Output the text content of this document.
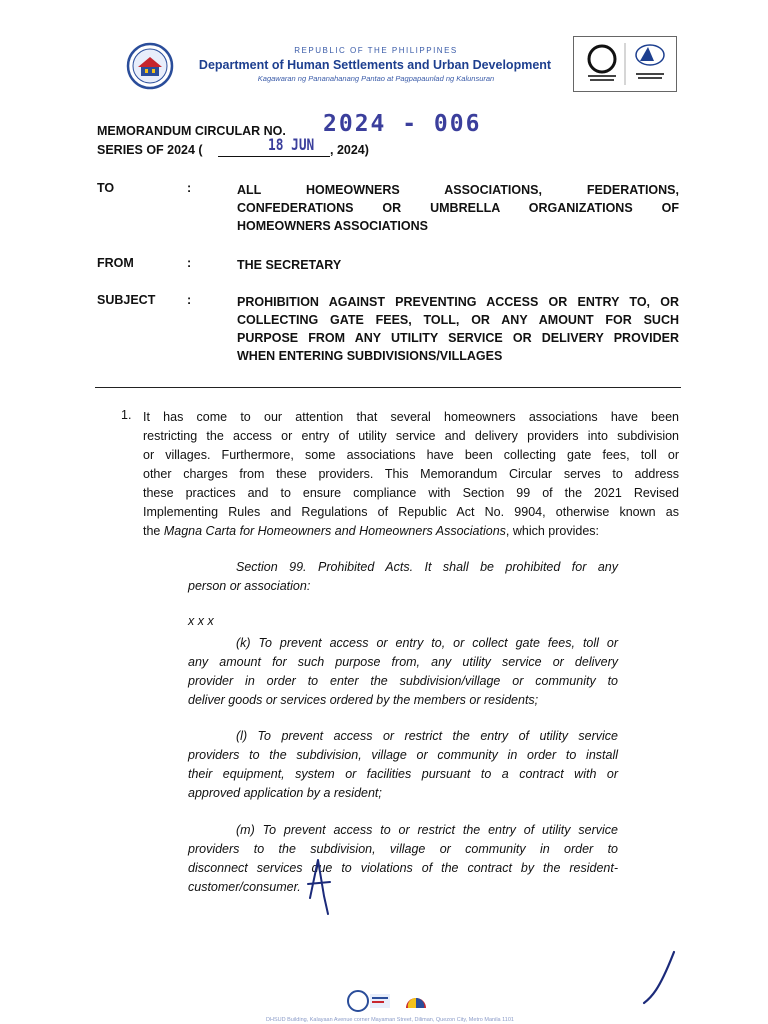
REPUBLIC OF THE PHILIPPINES
Department of Human Settlements and Urban Development
Kagawaran ng Pananahanang Pantao at Pagpapaunlad ng Kalunsuran
MEMORANDUM CIRCULAR NO. 2024 - 006
SERIES OF 2024 (	18 JUN , 2024)
TO	:	ALL HOMEOWNERS ASSOCIATIONS, FEDERATIONS,
CONFEDERATIONS OR UMBRELLA ORGANIZATIONS OF
HOMEOWNERS ASSOCIATIONS
FROM	:	THE SECRETARY
SUBJECT	:	PROHIBITION AGAINST PREVENTING ACCESS OR ENTRY TO, OR
COLLECTING GATE FEES, TOLL, OR ANY AMOUNT FOR SUCH
PURPOSE FROM ANY UTILITY SERVICE OR DELIVERY PROVIDER
WHEN ENTERING SUBDIVISIONS/VILLAGES
1. It has come to our attention that several homeowners associations have been
restricting the access or entry of utility service and delivery providers into subdivision
or villages. Furthermore, some associations have been collecting gate fees, toll or
other charges from these providers. This Memorandum Circular serves to address
these practices and to ensure compliance with Section 99 of the 2021 Revised
Implementing Rules and Regulations of Republic Act No. 9904, otherwise known as
the Magna Carta for Homeowners and Homeowners Associations, which provides:
Section 99. Prohibited Acts. It shall be prohibited for any
person or association:
x x x
(k) To prevent access or entry to, or collect gate fees, toll or
any amount for such purpose from, any utility service or delivery
provider in order to enter the subdivision/village or community to
deliver goods or services ordered by the members or residents;
(l) To prevent access or restrict the entry of utility service
providers to the subdivision, village or community in order to install
their equipment, system or facilities pursuant to a contract with or
approved application by a resident;
(m) To prevent access to or restrict the entry of utility service
providers to the subdivision, village or community in order to
disconnect services due to violations of the contract by the resident-
customer/consumer.
DHSUD Building, Kalayaan Avenue corner Mayaman Street, Diliman, Quezon City, Metro Manila 1101
